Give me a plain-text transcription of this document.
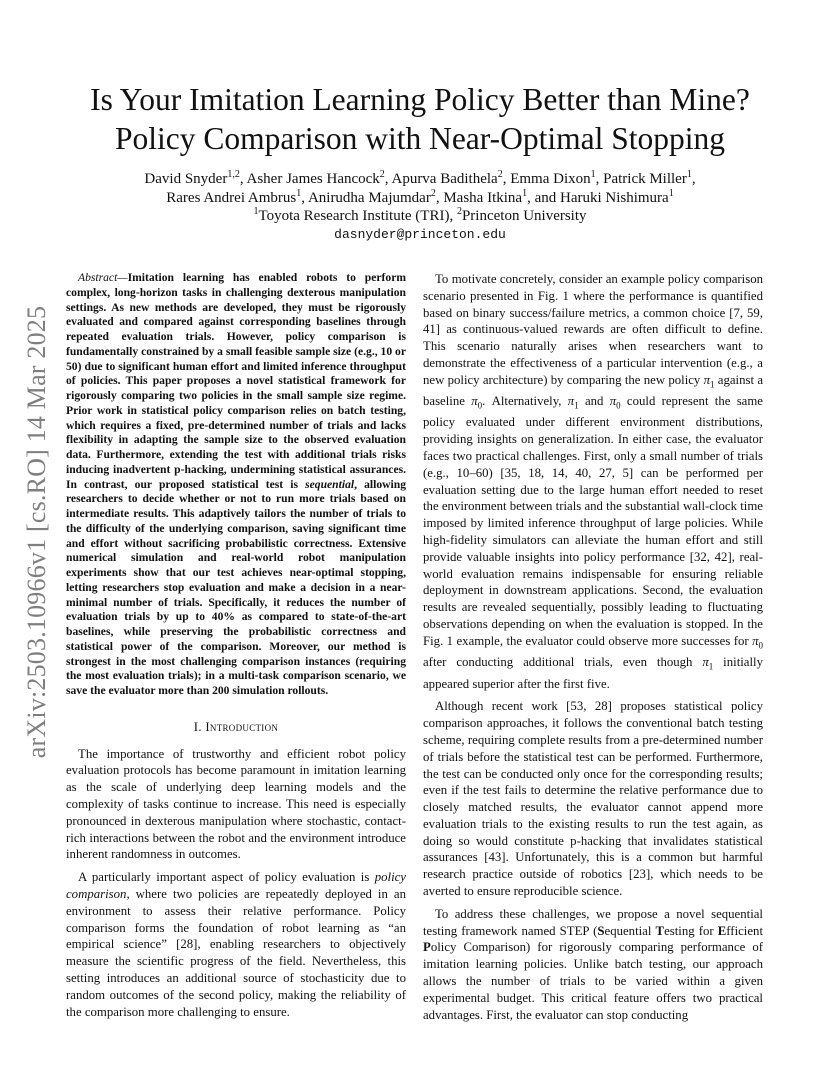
arXiv:2503.10966v1 [cs.RO] 14 Mar 2025
Is Your Imitation Learning Policy Better than Mine?
Policy Comparison with Near-Optimal Stopping
David Snyder$^{1,2}$, Asher James Hancock$^2$, Apurva Badithela$^2$, Emma Dixon$^1$, Patrick Miller$^1$,
Rares Andrei Ambrus$^1$, Anirudha Majumdar$^2$, Masha Itkina$^1$, and Haruki Nishimura$^1$
$^1$Toyota Research Institute (TRI), $^2$Princeton University
dasnyder@princeton.edu

Abstract—Imitation learning has enabled robots to perform complex, long-horizon tasks in challenging dexterous manipulation settings. As new methods are developed, they must be rigorously evaluated and compared against corresponding baselines through repeated evaluation trials. However, policy comparison is fundamentally constrained by a small feasible sample size (e.g., 10 or 50) due to significant human effort and limited inference throughput of policies. This paper proposes a novel statistical framework for rigorously comparing two policies in the small sample size regime. Prior work in statistical policy comparison relies on batch testing, which requires a fixed, pre-determined number of trials and lacks flexibility in adapting the sample size to the observed evaluation data. Furthermore, extending the test with additional trials risks inducing inadvertent p-hacking, undermining statistical assurances. In contrast, our proposed statistical test is sequential, allowing researchers to decide whether or not to run more trials based on intermediate results. This adaptively tailors the number of trials to the difficulty of the underlying comparison, saving significant time and effort without sacrificing probabilistic correctness. Extensive numerical simulation and real-world robot manipulation experiments show that our test achieves near-optimal stopping, letting researchers stop evaluation and make a decision in a near-minimal number of trials. Specifically, it reduces the number of evaluation trials by up to 40% as compared to state-of-the-art baselines, while preserving the probabilistic correctness and statistical power of the comparison. Moreover, our method is strongest in the most challenging comparison instances (requiring the most evaluation trials); in a multi-task comparison scenario, we save the evaluator more than 200 simulation rollouts.

I. Introduction

The importance of trustworthy and efficient robot policy evaluation protocols has become paramount in imitation learning as the scale of underlying deep learning models and the complexity of tasks continue to increase. This need is especially pronounced in dexterous manipulation where stochastic, contact-rich interactions between the robot and the environment introduce inherent randomness in outcomes.

A particularly important aspect of policy evaluation is policy comparison, where two policies are repeatedly deployed in an environment to assess their relative performance. Policy comparison forms the foundation of robot learning as “an empirical science” [28], enabling researchers to objectively measure the scientific progress of the field. Nevertheless, this setting introduces an additional source of stochasticity due to random outcomes of the second policy, making the reliability of the comparison more challenging to ensure.

To motivate concretely, consider an example policy comparison scenario presented in Fig. 1 where the performance is quantified based on binary success/failure metrics, a common choice [7, 59, 41] as continuous-valued rewards are often difficult to define. This scenario naturally arises when researchers want to demonstrate the effectiveness of a particular intervention (e.g., a new policy architecture) by comparing the new policy $\pi_1$ against a baseline $\pi_0$. Alternatively, $\pi_1$ and $\pi_0$ could represent the same policy evaluated under different environment distributions, providing insights on generalization. In either case, the evaluator faces two practical challenges. First, only a small number of trials (e.g., 10–60) [35, 18, 14, 40, 27, 5] can be performed per evaluation setting due to the large human effort needed to reset the environment between trials and the substantial wall-clock time imposed by limited inference throughput of large policies. While high-fidelity simulators can alleviate the human effort and still provide valuable insights into policy performance [32, 42], real-world evaluation remains indispensable for ensuring reliable deployment in downstream applications. Second, the evaluation results are revealed sequentially, possibly leading to fluctuating observations depending on when the evaluation is stopped. In the Fig. 1 example, the evaluator could observe more successes for $\pi_0$ after conducting additional trials, even though $\pi_1$ initially appeared superior after the first five.

Although recent work [53, 28] proposes statistical policy comparison approaches, it follows the conventional batch testing scheme, requiring complete results from a pre-determined number of trials before the statistical test can be performed. Furthermore, the test can be conducted only once for the corresponding results; even if the test fails to determine the relative performance due to closely matched results, the evaluator cannot append more evaluation trials to the existing results to run the test again, as doing so would constitute p-hacking that invalidates statistical assurances [43]. Unfortunately, this is a common but harmful research practice outside of robotics [23], which needs to be averted to ensure reproducible science.

To address these challenges, we propose a novel sequential testing framework named STEP (Sequential Testing for Efficient Policy Comparison) for rigorously comparing performance of imitation learning policies. Unlike batch testing, our approach allows the number of trials to be varied within a given experimental budget. This critical feature offers two practical advantages. First, the evaluator can stop conducting
